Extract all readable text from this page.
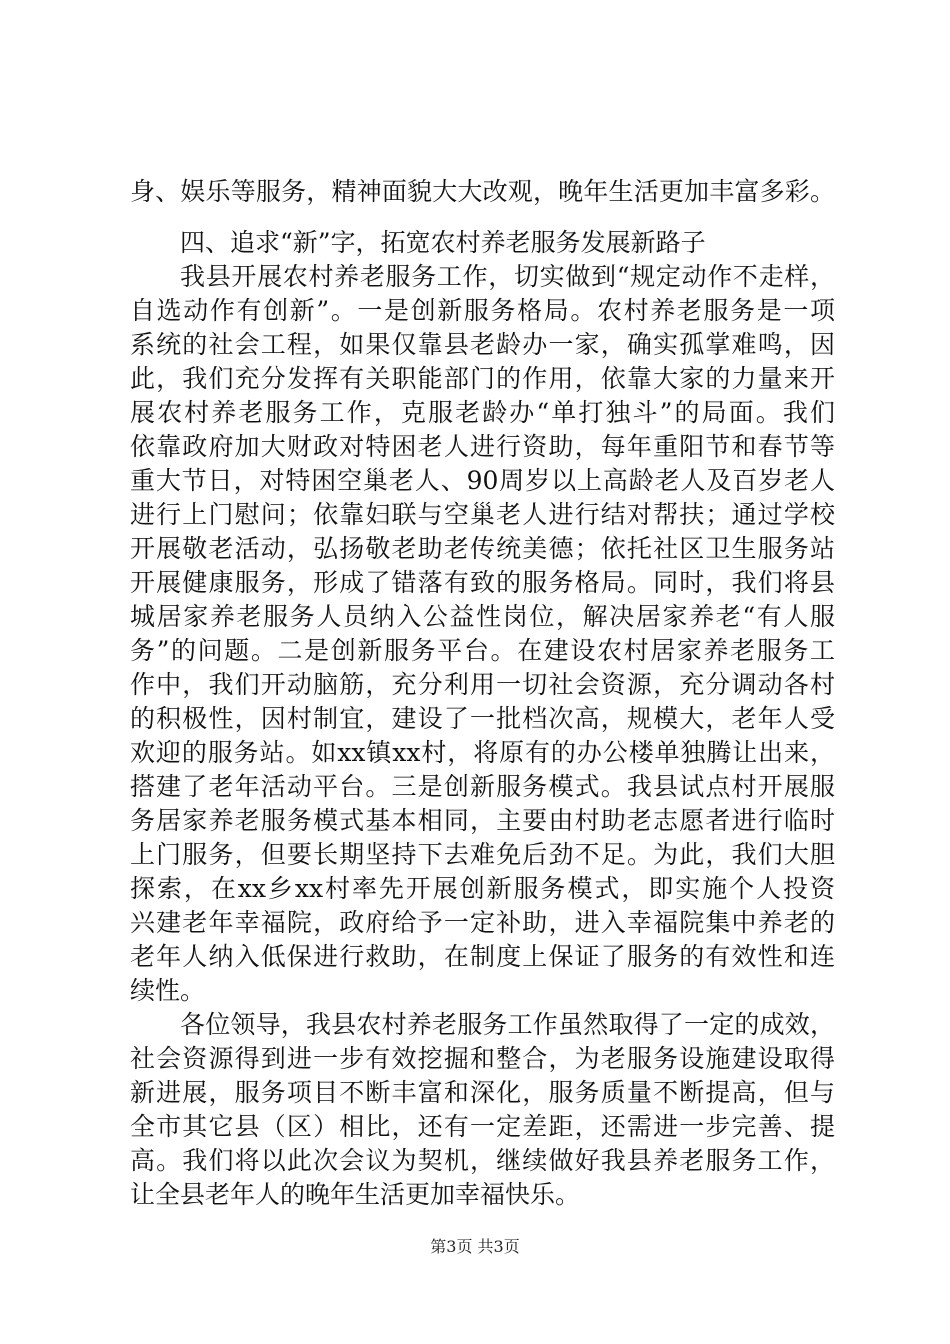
身、娱乐等服务，精神面貌大大改观，晚年生活更加丰富多彩。
四、追求“新”字，拓宽农村养老服务发展新路子
我县开展农村养老服务工作，切实做到“规定动作不走样，
自选动作有创新”。一是创新服务格局。农村养老服务是一项
系统的社会工程，如果仅靠县老龄办一家，确实孤掌难鸣，因
此，我们充分发挥有关职能部门的作用，依靠大家的力量来开
展农村养老服务工作，克服老龄办“单打独斗”的局面。我们
依靠政府加大财政对特困老人进行资助，每年重阳节和春节等
重大节日，对特困空巢老人、90周岁以上高龄老人及百岁老人
进行上门慰问；依靠妇联与空巢老人进行结对帮扶；通过学校
开展敬老活动，弘扬敬老助老传统美德；依托社区卫生服务站
开展健康服务，形成了错落有致的服务格局。同时，我们将县
城居家养老服务人员纳入公益性岗位，解决居家养老“有人服
务”的问题。二是创新服务平台。在建设农村居家养老服务工
作中，我们开动脑筋，充分利用一切社会资源，充分调动各村
的积极性，因村制宜，建设了一批档次高，规模大，老年人受
欢迎的服务站。如xx镇xx村，将原有的办公楼单独腾让出来，
搭建了老年活动平台。三是创新服务模式。我县试点村开展服
务居家养老服务模式基本相同，主要由村助老志愿者进行临时
上门服务，但要长期坚持下去难免后劲不足。为此，我们大胆
探索，在xx乡xx村率先开展创新服务模式，即实施个人投资
兴建老年幸福院，政府给予一定补助，进入幸福院集中养老的
老年人纳入低保进行救助，在制度上保证了服务的有效性和连
续性。
各位领导，我县农村养老服务工作虽然取得了一定的成效，
社会资源得到进一步有效挖掘和整合，为老服务设施建设取得
新进展，服务项目不断丰富和深化，服务质量不断提高，但与
全市其它县（区）相比，还有一定差距，还需进一步完善、提
高。我们将以此次会议为契机，继续做好我县养老服务工作，
让全县老年人的晚年生活更加幸福快乐。
第3页 共3页
